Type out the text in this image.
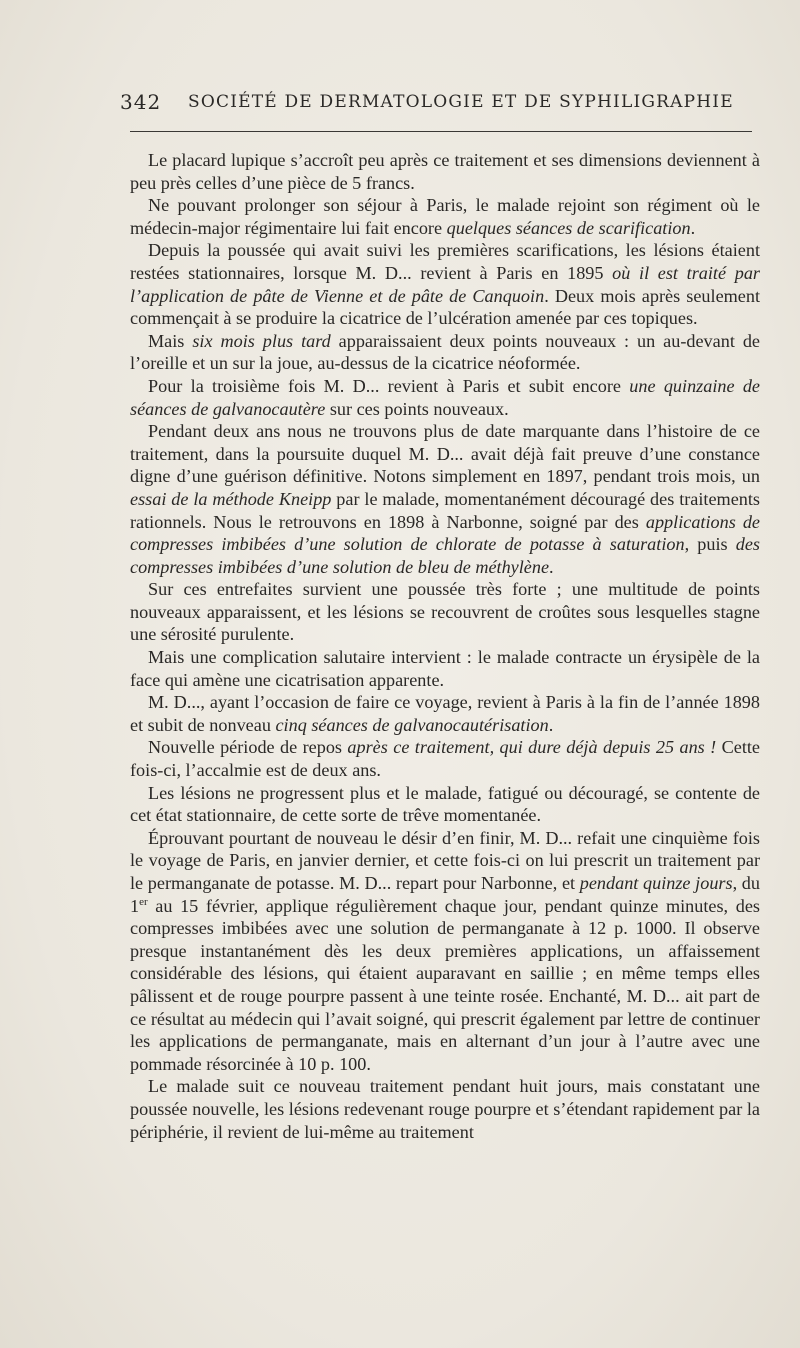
342 SOCIÉTÉ DE DERMATOLOGIE ET DE SYPHILIGRAPHIE

Le placard lupique s’accroît peu après ce traitement et ses dimensions deviennent à peu près celles d’une pièce de 5 francs.

Ne pouvant prolonger son séjour à Paris, le malade rejoint son régiment où le médecin-major régimentaire lui fait encore quelques séances de scarification.

Depuis la poussée qui avait suivi les premières scarifications, les lésions étaient restées stationnaires, lorsque M. D... revient à Paris en 1895 où il est traité par l’application de pâte de Vienne et de pâte de Canquoin. Deux mois après seulement commençait à se produire la cicatrice de l’ulcération amenée par ces topiques.

Mais six mois plus tard apparaissaient deux points nouveaux : un au-devant de l’oreille et un sur la joue, au-dessus de la cicatrice néoformée.

Pour la troisième fois M. D... revient à Paris et subit encore une quinzaine de séances de galvanocautère sur ces points nouveaux.

Pendant deux ans nous ne trouvons plus de date marquante dans l’histoire de ce traitement, dans la poursuite duquel M. D... avait déjà fait preuve d’une constance digne d’une guérison définitive. Notons simplement en 1897, pendant trois mois, un essai de la méthode Kneipp par le malade, momentanément découragé des traitements rationnels. Nous le retrouvons en 1898 à Narbonne, soigné par des applications de compresses imbibées d’une solution de chlorate de potasse à saturation, puis des compresses imbibées d’une solution de bleu de méthylène.

Sur ces entrefaites survient une poussée très forte ; une multitude de points nouveaux apparaissent, et les lésions se recouvrent de croûtes sous lesquelles stagne une sérosité purulente.

Mais une complication salutaire intervient : le malade contracte un érysipèle de la face qui amène une cicatrisation apparente.

M. D..., ayant l’occasion de faire ce voyage, revient à Paris à la fin de l’année 1898 et subit de nonveau cinq séances de galvanocautérisation.

Nouvelle période de repos après ce traitement, qui dure déjà depuis 25 ans ! Cette fois-ci, l’accalmie est de deux ans.

Les lésions ne progressent plus et le malade, fatigué ou découragé, se contente de cet état stationnaire, de cette sorte de trêve momentanée.

Éprouvant pourtant de nouveau le désir d’en finir, M. D... refait une cinquième fois le voyage de Paris, en janvier dernier, et cette fois-ci on lui prescrit un traitement par le permanganate de potasse. M. D... repart pour Narbonne, et pendant quinze jours, du 1er au 15 février, applique régulièrement chaque jour, pendant quinze minutes, des compresses imbibées avec une solution de permanganate à 12 p. 1000. Il observe presque instantanément dès les deux premières applications, un affaissement considérable des lésions, qui étaient auparavant en saillie ; en même temps elles pâlissent et de rouge pourpre passent à une teinte rosée. Enchanté, M. D... ait part de ce résultat au médecin qui l’avait soigné, qui prescrit également par lettre de continuer les applications de permanganate, mais en alternant d’un jour à l’autre avec une pommade résorcinée à 10 p. 100.

Le malade suit ce nouveau traitement pendant huit jours, mais constatant une poussée nouvelle, les lésions redevenant rouge pourpre et s’étendant rapidement par la périphérie, il revient de lui-même au traitement
